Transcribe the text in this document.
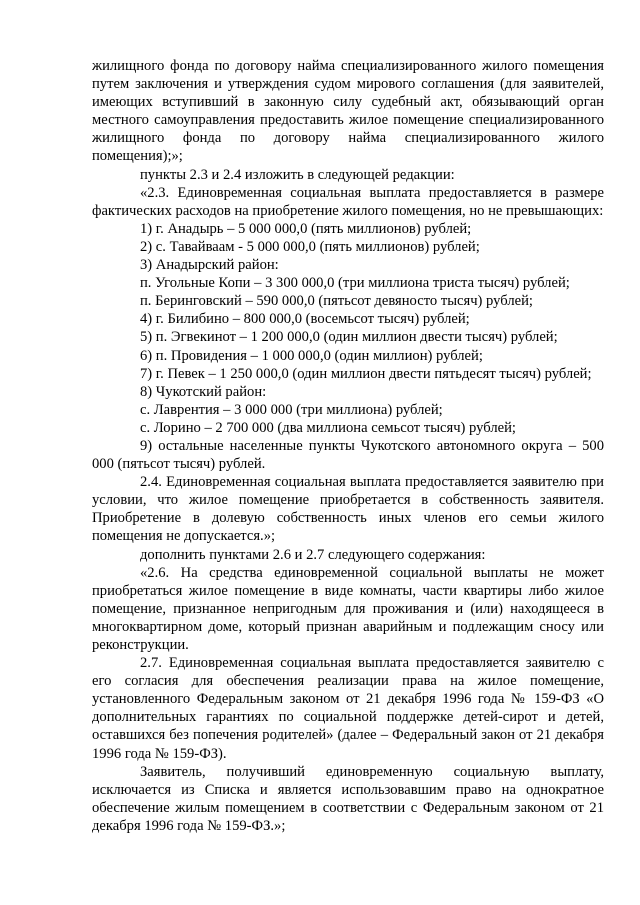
жилищного фонда по договору найма специализированного жилого помещения путем заключения и утверждения судом мирового соглашения (для заявителей, имеющих вступивший в законную силу судебный акт, обязывающий орган местного самоуправления предоставить жилое помещение специализированного жилищного фонда по договору найма специализированного жилого помещения);»;

пункты 2.3 и 2.4 изложить в следующей редакции:

«2.3. Единовременная социальная выплата предоставляется в размере фактических расходов на приобретение жилого помещения, но не превышающих:

1) г. Анадырь – 5 000 000,0 (пять миллионов) рублей;

2) с. Тавайваам - 5 000 000,0 (пять миллионов) рублей;

3) Анадырский район:

п. Угольные Копи – 3 300 000,0 (три миллиона триста тысяч) рублей;

п. Беринговский – 590 000,0 (пятьсот девяносто тысяч) рублей;

4) г. Билибино – 800 000,0 (восемьсот тысяч) рублей;

5) п. Эгвекинот – 1 200 000,0 (один миллион двести тысяч) рублей;

6) п. Провидения – 1 000 000,0 (один миллион) рублей;

7) г. Певек – 1 250 000,0 (один миллион двести пятьдесят тысяч) рублей;

8) Чукотский район:

с. Лаврентия – 3 000 000 (три миллиона) рублей;

с. Лорино – 2 700 000 (два миллиона семьсот тысяч) рублей;

9) остальные населенные пункты Чукотского автономного округа – 500 000 (пятьсот тысяч) рублей.

2.4. Единовременная социальная выплата предоставляется заявителю при условии, что жилое помещение приобретается в собственность заявителя. Приобретение в долевую собственность иных членов его семьи жилого помещения не допускается.»;

дополнить пунктами 2.6 и 2.7 следующего содержания:

«2.6. На средства единовременной социальной выплаты не может приобретаться жилое помещение в виде комнаты, части квартиры либо жилое помещение, признанное непригодным для проживания и (или) находящееся в многоквартирном доме, который признан аварийным и подлежащим сносу или реконструкции.

2.7. Единовременная социальная выплата предоставляется заявителю с его согласия для обеспечения реализации права на жилое помещение, установленного Федеральным законом от 21 декабря 1996 года № 159-ФЗ «О дополнительных гарантиях по социальной поддержке детей-сирот и детей, оставшихся без попечения родителей» (далее – Федеральный закон от 21 декабря 1996 года № 159-ФЗ).

Заявитель, получивший единовременную социальную выплату, исключается из Списка и является использовавшим право на однократное обеспечение жилым помещением в соответствии с Федеральным законом от 21 декабря 1996 года № 159-ФЗ.»;
